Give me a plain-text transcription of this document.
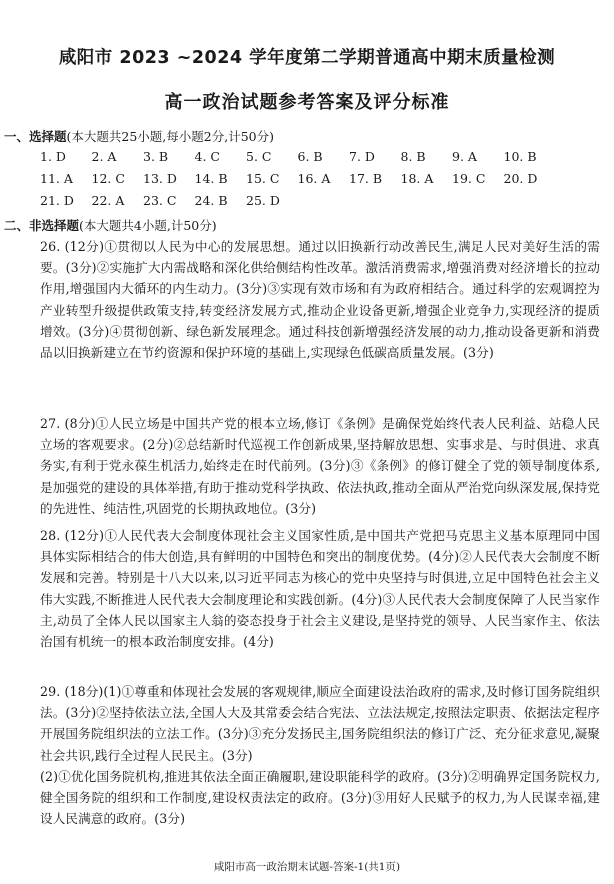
咸阳市 2023 ~2024 学年度第二学期普通高中期末质量检测
高一政治试题参考答案及评分标准
一、选择题(本大题共25小题,每小题2分,计50分)
1. D 2. A 3. B 4. C 5. C 6. B 7. D 8. B 9. A 10. B
11. A 12. C 13. D 14. B 15. C 16. A 17. B 18. A 19. C 20. D
21. D 22. A 23. C 24. B 25. D
二、非选择题(本大题共4小题,计50分)
26. (12分)①贯彻以人民为中心的发展思想。通过以旧换新行动改善民生,满足人民对美好生活的需要。(3分)②实施扩大内需战略和深化供给侧结构性改革。激活消费需求,增强消费对经济增长的拉动作用,增强国内大循环的内生动力。(3分)③实现有效市场和有为政府相结合。通过科学的宏观调控为产业转型升级提供政策支持,转变经济发展方式,推动企业设备更新,增强企业竞争力,实现经济的提质增效。(3分)④贯彻创新、绿色新发展理念。通过科技创新增强经济发展的动力,推动设备更新和消费品以旧换新建立在节约资源和保护环境的基础上,实现绿色低碳高质量发展。(3分)
27. (8分)①人民立场是中国共产党的根本立场,修订《条例》是确保党始终代表人民利益、站稳人民立场的客观要求。(2分)②总结新时代巡视工作创新成果,坚持解放思想、实事求是、与时俱进、求真务实,有利于党永葆生机活力,始终走在时代前列。(3分)③《条例》的修订健全了党的领导制度体系,是加强党的建设的具体举措,有助于推动党科学执政、依法执政,推动全面从严治党向纵深发展,保持党的先进性、纯洁性,巩固党的长期执政地位。(3分)
28. (12分)①人民代表大会制度体现社会主义国家性质,是中国共产党把马克思主义基本原理同中国具体实际相结合的伟大创造,具有鲜明的中国特色和突出的制度优势。(4分)②人民代表大会制度不断发展和完善。特别是十八大以来,以习近平同志为核心的党中央坚持与时俱进,立足中国特色社会主义伟大实践,不断推进人民代表大会制度理论和实践创新。(4分)③人民代表大会制度保障了人民当家作主,动员了全体人民以国家主人翁的姿态投身于社会主义建设,是坚持党的领导、人民当家作主、依法治国有机统一的根本政治制度安排。(4分)
29. (18分)(1)①尊重和体现社会发展的客观规律,顺应全面建设法治政府的需求,及时修订国务院组织法。(3分)②坚持依法立法,全国人大及其常委会结合宪法、立法法规定,按照法定职责、依据法定程序开展国务院组织法的立法工作。(3分)③充分发扬民主,国务院组织法的修订广泛、充分征求意见,凝聚社会共识,践行全过程人民民主。(3分)
(2)①优化国务院机构,推进其依法全面正确履职,建设职能科学的政府。(3分)②明确界定国务院权力,健全国务院的组织和工作制度,建设权责法定的政府。(3分)③用好人民赋予的权力,为人民谋幸福,建设人民满意的政府。(3分)
咸阳市高一政治期末试题-答案-1(共1页)
